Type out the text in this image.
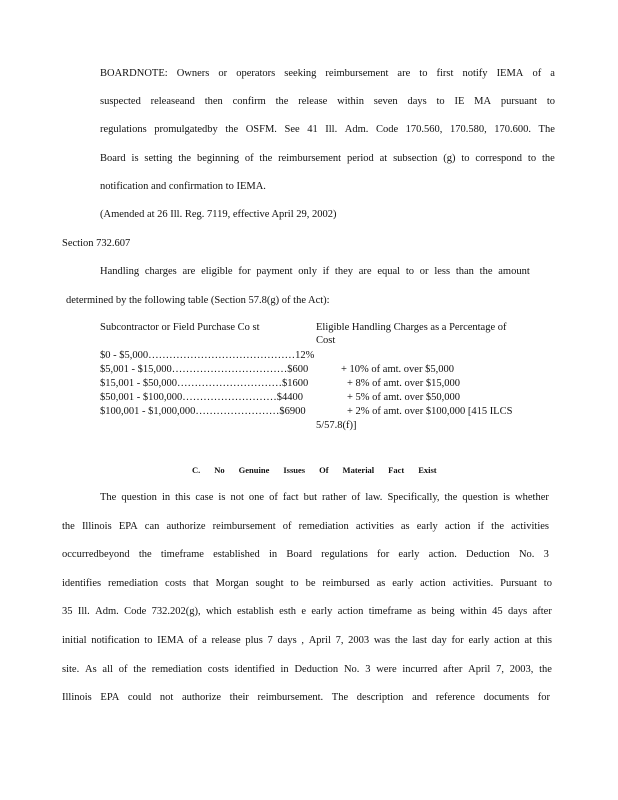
BOARDNOTE: Owners or operators seeking reimbursement are to first notify IEMA of a
suspected releaseand then confirm the release within seven days to IE MA pursuant to
regulations promulgatedby the OSFM. See 41 Ill. Adm. Code 170.560, 170.580, 170.600. The
Board is setting the beginning of the reimbursement period at subsection (g) to correspond to the
notification and confirmation to IEMA.
(Amended at 26 Ill. Reg. 7119, effective April 29, 2002)
Section 732.607
Handling charges are eligible for payment only if they are equal to or less than the amount
determined by the following table (Section 57.8(g) of the Act):
Subcontractor or Field Purchase Co st	Eligible Handling Charges as a Percentage of
Cost
$0 - $5,000……………………………………12%
$5,001 - $15,000……………………………$600	+ 10% of amt. over $5,000
$15,001 - $50,000…………………………$1600	+ 8% of amt. over $15,000
$50,001 - $100,000………………………$4400	+ 5% of amt. over $50,000
$100,001 - $1,000,000……………………$6900	+ 2% of amt. over $100,000 [415 ILCS
5/57.8(f)]
C. No Genuine Issues Of Material Fact Exist
The question in this case is not one of fact but rather of law. Specifically, the question is whether
the Illinois EPA can authorize reimbursement of remediation activities as early action if the activities
occurredbeyond the timeframe established in Board regulations for early action. Deduction No. 3
identifies remediation costs that Morgan sought to be reimbursed as early action activities. Pursuant to
35 Ill. Adm. Code 732.202(g), which establish esth e early action timeframe as being within 45 days after
initial notification to IEMA of a release plus 7 days , April 7, 2003 was the last day for early action at this
site. As all of the remediation costs identified in Deduction No. 3 were incurred after April 7, 2003, the
Illinois EPA could not authorize their reimbursement. The description and reference documents for
